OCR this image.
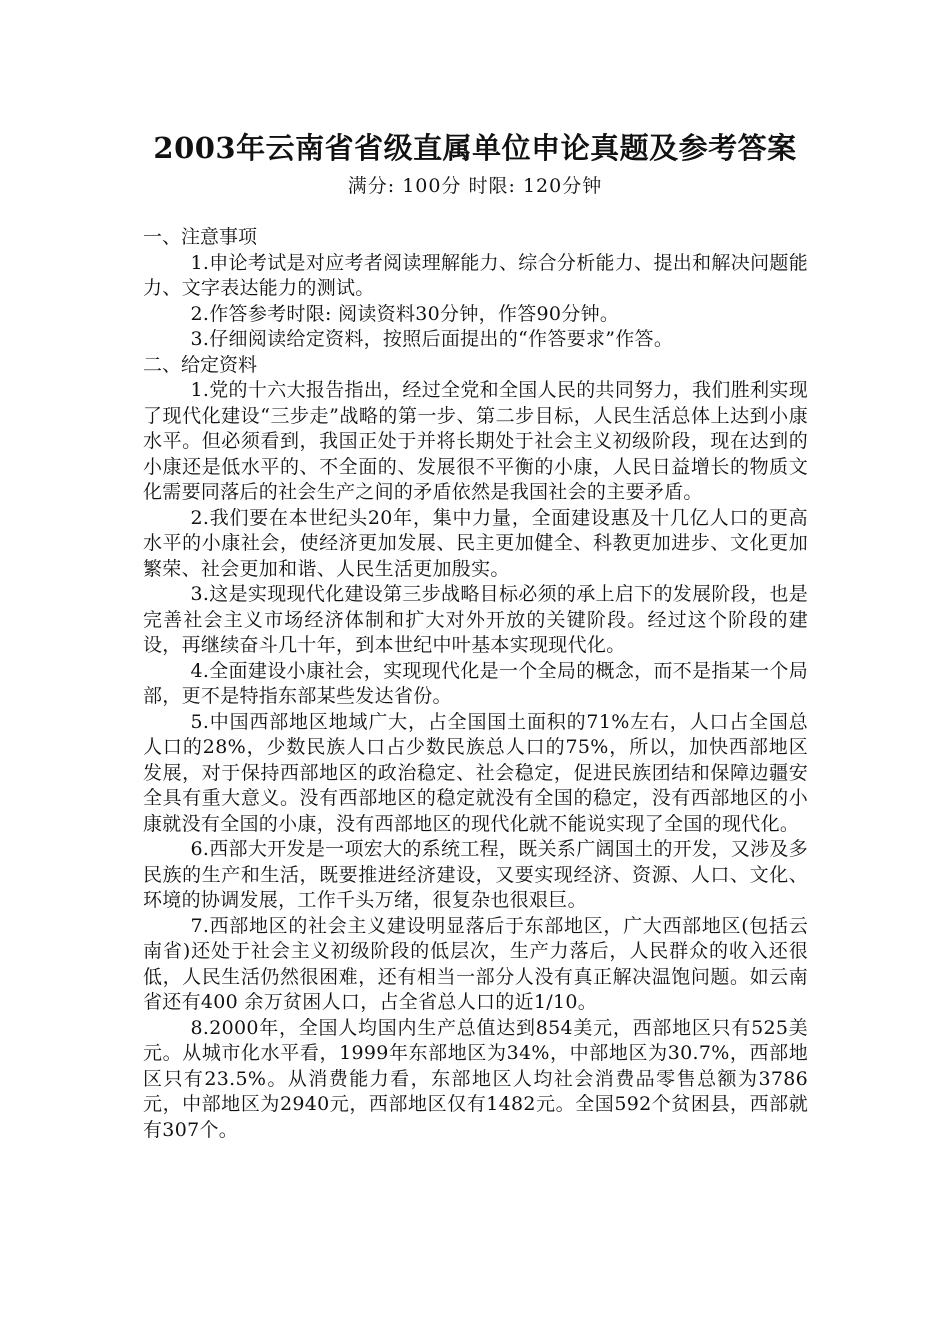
2003年云南省省级直属单位申论真题及参考答案
满分: 100分 时限: 120分钟

一、注意事项

1.申论考试是对应考者阅读理解能力、综合分析能力、提出和解决问题能力、文字表达能力的测试。

2.作答参考时限: 阅读资料30分钟，作答90分钟。

3.仔细阅读给定资料，按照后面提出的“作答要求”作答。

二、给定资料

1.党的十六大报告指出，经过全党和全国人民的共同努力，我们胜利实现了现代化建设“三步走”战略的第一步、第二步目标，人民生活总体上达到小康水平。但必须看到，我国正处于并将长期处于社会主义初级阶段，现在达到的小康还是低水平的、不全面的、发展很不平衡的小康，人民日益增长的物质文化需要同落后的社会生产之间的矛盾依然是我国社会的主要矛盾。

2.我们要在本世纪头20年，集中力量，全面建设惠及十几亿人口的更高水平的小康社会，使经济更加发展、民主更加健全、科教更加进步、文化更加繁荣、社会更加和谐、人民生活更加殷实。

3.这是实现现代化建设第三步战略目标必须的承上启下的发展阶段，也是完善社会主义市场经济体制和扩大对外开放的关键阶段。经过这个阶段的建设，再继续奋斗几十年，到本世纪中叶基本实现现代化。

4.全面建设小康社会，实现现代化是一个全局的概念，而不是指某一个局部，更不是特指东部某些发达省份。

5.中国西部地区地域广大，占全国国土面积的71%左右，人口占全国总人口的28%，少数民族人口占少数民族总人口的75%，所以，加快西部地区发展，对于保持西部地区的政治稳定、社会稳定，促进民族团结和保障边疆安全具有重大意义。没有西部地区的稳定就没有全国的稳定，没有西部地区的小康就没有全国的小康，没有西部地区的现代化就不能说实现了全国的现代化。

6.西部大开发是一项宏大的系统工程，既关系广阔国土的开发，又涉及多民族的生产和生活，既要推进经济建设，又要实现经济、资源、人口、文化、环境的协调发展，工作千头万绪，很复杂也很艰巨。

7.西部地区的社会主义建设明显落后于东部地区，广大西部地区(包括云南省)还处于社会主义初级阶段的低层次，生产力落后，人民群众的收入还很低，人民生活仍然很困难，还有相当一部分人没有真正解决温饱问题。如云南省还有400 余万贫困人口，占全省总人口的近1/10。

8.2000年，全国人均国内生产总值达到854美元，西部地区只有525美元。从城市化水平看，1999年东部地区为34%，中部地区为30.7%，西部地区只有23.5%。从消费能力看，东部地区人均社会消费品零售总额为3786元，中部地区为2940元，西部地区仅有1482元。全国592个贫困县，西部就有307个。
